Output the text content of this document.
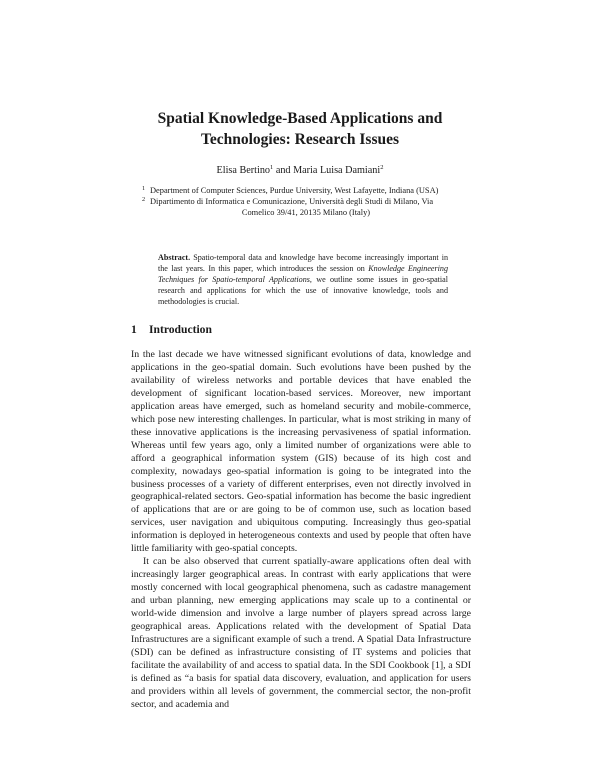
Spatial Knowledge-Based Applications and
Technologies: Research Issues
Elisa Bertino$^1$ and Maria Luisa Damiani$^2$
1 Department of Computer Sciences, Purdue University, West Lafayette, Indiana (USA)
2 Dipartimento di Informatica e Comunicazione, Università degli Studi di Milano, Via
Comelico 39/41, 20135 Milano (Italy)
Abstract. Spatio-temporal data and knowledge have become increasingly important in the last years. In this paper, which introduces the session on Knowledge Engineering Techniques for Spatio-temporal Applications, we outline some issues in geo-spatial research and applications for which the use of innovative knowledge, tools and methodologies is crucial.
1 Introduction

In the last decade we have witnessed significant evolutions of data, knowledge and applications in the geo-spatial domain. Such evolutions have been pushed by the availability of wireless networks and portable devices that have enabled the development of significant location-based services. Moreover, new important application areas have emerged, such as homeland security and mobile-commerce, which pose new interesting challenges. In particular, what is most striking in many of these innovative applications is the increasing pervasiveness of spatial information. Whereas until few years ago, only a limited number of organizations were able to afford a geographical information system (GIS) because of its high cost and complexity, nowadays geo-spatial information is going to be integrated into the business processes of a variety of different enterprises, even not directly involved in geographical-related sectors. Geo-spatial information has become the basic ingredient of applications that are or are going to be of common use, such as location based services, user navigation and ubiquitous computing. Increasingly thus geo-spatial information is deployed in heterogeneous contexts and used by people that often have little familiarity with geo-spatial concepts.

It can be also observed that current spatially-aware applications often deal with increasingly larger geographical areas. In contrast with early applications that were mostly concerned with local geographical phenomena, such as cadastre management and urban planning, new emerging applications may scale up to a continental or world-wide dimension and involve a large number of players spread across large geographical areas. Applications related with the development of Spatial Data Infrastructures are a significant example of such a trend. A Spatial Data Infrastructure (SDI) can be defined as infrastructure consisting of IT systems and policies that facilitate the availability of and access to spatial data. In the SDI Cookbook [1], a SDI is defined as “a basis for spatial data discovery, evaluation, and application for users and providers within all levels of government, the commercial sector, the non-profit sector, and academia and
